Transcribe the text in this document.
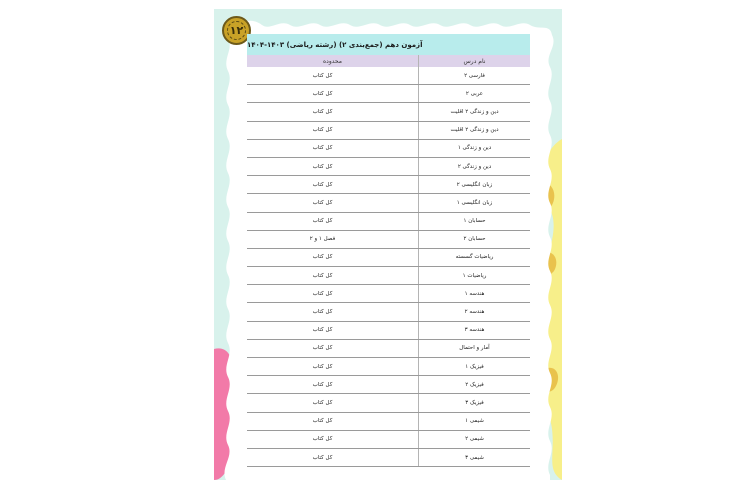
۱۲
آزمون دهم (جمع‌بندی ۲) (رشته ریاضی) ۱۴۰۳-۱۴۰۴
محدوده	نام درس
کل کتاب	فارسی ۲
کل کتاب	عربی ۲
کل کتاب	دین و زندگی ۲ اقلیت
کل کتاب	دین و زندگی ۲ اقلیت
کل کتاب	دین و زندگی ۱
کل کتاب	دین و زندگی ۲
کل کتاب	زبان انگلیسی ۲
کل کتاب	زبان انگلیسی ۱
کل کتاب	حسابان ۱
فصل ۱ و ۲	حسابان ۲
کل کتاب	ریاضیات گسسته
کل کتاب	ریاضیات ۱
کل کتاب	هندسه ۱
کل کتاب	هندسه ۲
کل کتاب	هندسه ۳
کل کتاب	آمار و احتمال
کل کتاب	فیزیک ۱
کل کتاب	فیزیک ۲
کل کتاب	فیزیک ۳
کل کتاب	شیمی ۱
کل کتاب	شیمی ۲
کل کتاب	شیمی ۳
